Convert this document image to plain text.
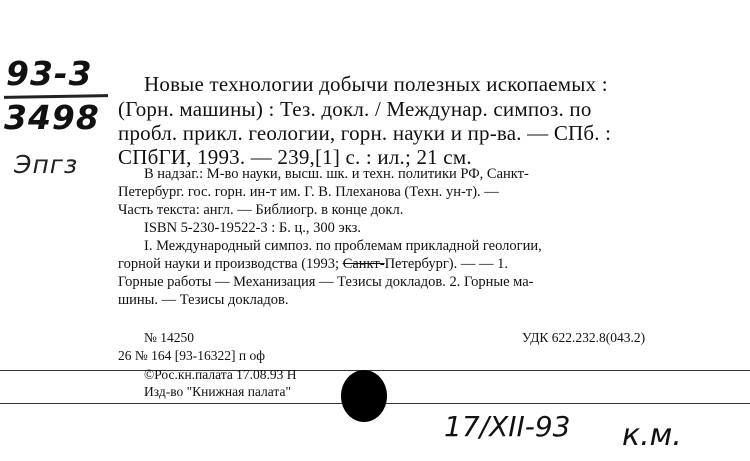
93-3
3498
Эпгз
Новые технологии добычи полезных ископаемых :
(Горн. машины) : Тез. докл. / Междунар. симпоз. по
пробл. прикл. геологии, горн. науки и пр-ва. — СПб. :
СПбГИ, 1993. — 239,[1] с. : ил.; 21 см.
В надзаг.: М-во науки, высш. шк. и техн. политики РФ, Санкт-
Петербург. гос. горн. ин-т им. Г. В. Плеханова (Техн. ун-т). —
Часть текста: англ. — Библиогр. в конце докл.
ISBN 5-230-19522-3 : Б. ц., 300 экз.
I. Международный симпоз. по проблемам прикладной геологии,
горной науки и производства (1993; Санкт-Петербург). — — 1.
Горные работы — Механизация — Тезисы докладов. 2. Горные ма-
шины. — Тезисы докладов.
№ 14250	УДК 622.232.8(043.2)
26 № 164 [93-16322] п оф
©Рос.кн.палата 17.08.93 Н
Изд-во "Книжная палата"
17/XII-93 к.м.
